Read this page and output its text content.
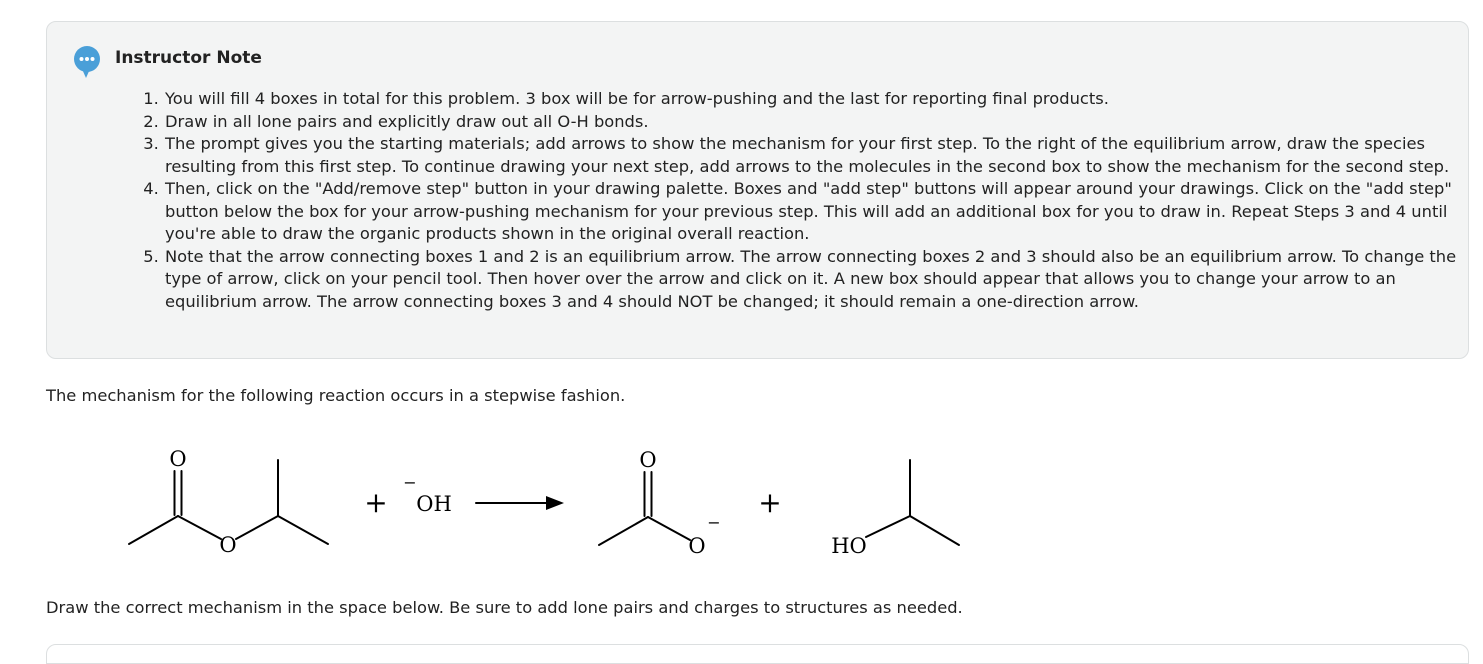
Instructor Note
1. You will fill 4 boxes in total for this problem. 3 box will be for arrow-pushing and the last for reporting final products.
2. Draw in all lone pairs and explicitly draw out all O-H bonds.
3. The prompt gives you the starting materials; add arrows to show the mechanism for your first step. To the right of the equilibrium arrow, draw the species resulting from this first step. To continue drawing your next step, add arrows to the molecules in the second box to show the mechanism for the second step.
4. Then, click on the "Add/remove step" button in your drawing palette. Boxes and "add step" buttons will appear around your drawings. Click on the "add step" button below the box for your arrow-pushing mechanism for your previous step. This will add an additional box for you to draw in. Repeat Steps 3 and 4 until you're able to draw the organic products shown in the original overall reaction.
5. Note that the arrow connecting boxes 1 and 2 is an equilibrium arrow. The arrow connecting boxes 2 and 3 should also be an equilibrium arrow. To change the type of arrow, click on your pencil tool. Then hover over the arrow and click on it. A new box should appear that allows you to change your arrow to an equilibrium arrow. The arrow connecting boxes 3 and 4 should NOT be changed; it should remain a one-direction arrow.

The mechanism for the following reaction occurs in a stepwise fashion.

O
O
+
−
OH
O
O
−
+
HO

Draw the correct mechanism in the space below. Be sure to add lone pairs and charges to structures as needed.
